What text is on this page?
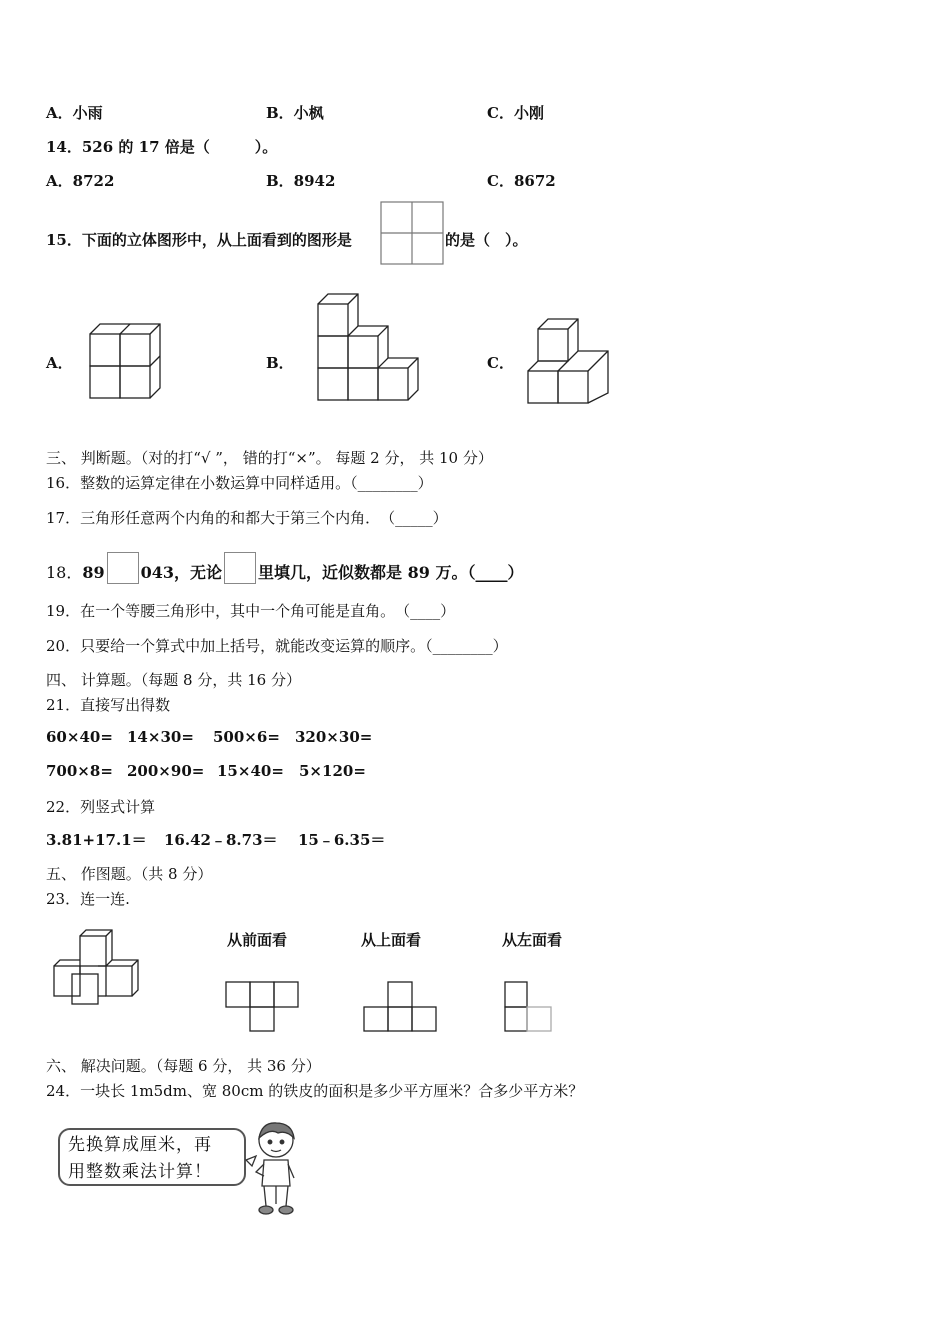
A．小雨	B．小枫	C．小刚
14．526 的 17 倍是（　　　）。
A．8722	B．8942	C．8672
15．下面的立体图形中，从上面看到的图形是	的是（　）。
A．	B．	C．
三、 判断题。（对的打“√ ”， 错的打“×”。 每题 2 分， 共 10 分）
16．整数的运算定律在小数运算中同样适用。（________）
17．三角形任意两个内角的和都大于第三个内角．　（_____）
18．89 043，无论 里填几，近似数都是 89 万。（____）
19．在一个等腰三角形中，其中一个角可能是直角。　（____）
20．只要给一个算式中加上括号，就能改变运算的顺序。（________）
四、 计算题。（每题 8 分，共 16 分）
21．直接写出得数
60×40= 14×30= 500×6= 320×30=
700×8= 200×90= 15×40= 5×120=
22．列竖式计算
3.81+17.1＝ 16.42﹣8.73＝ 15﹣6.35＝
五、 作图题。（共 8 分）
23．连一连.
从前面看	从上面看	从左面看
六、 解决问题。（每题 6 分， 共 36 分）
24．一块长 1m5dm、宽 80cm 的铁皮的面积是多少平方厘米？合多少平方米？
先换算成厘米，再
用整数乘法计算！
